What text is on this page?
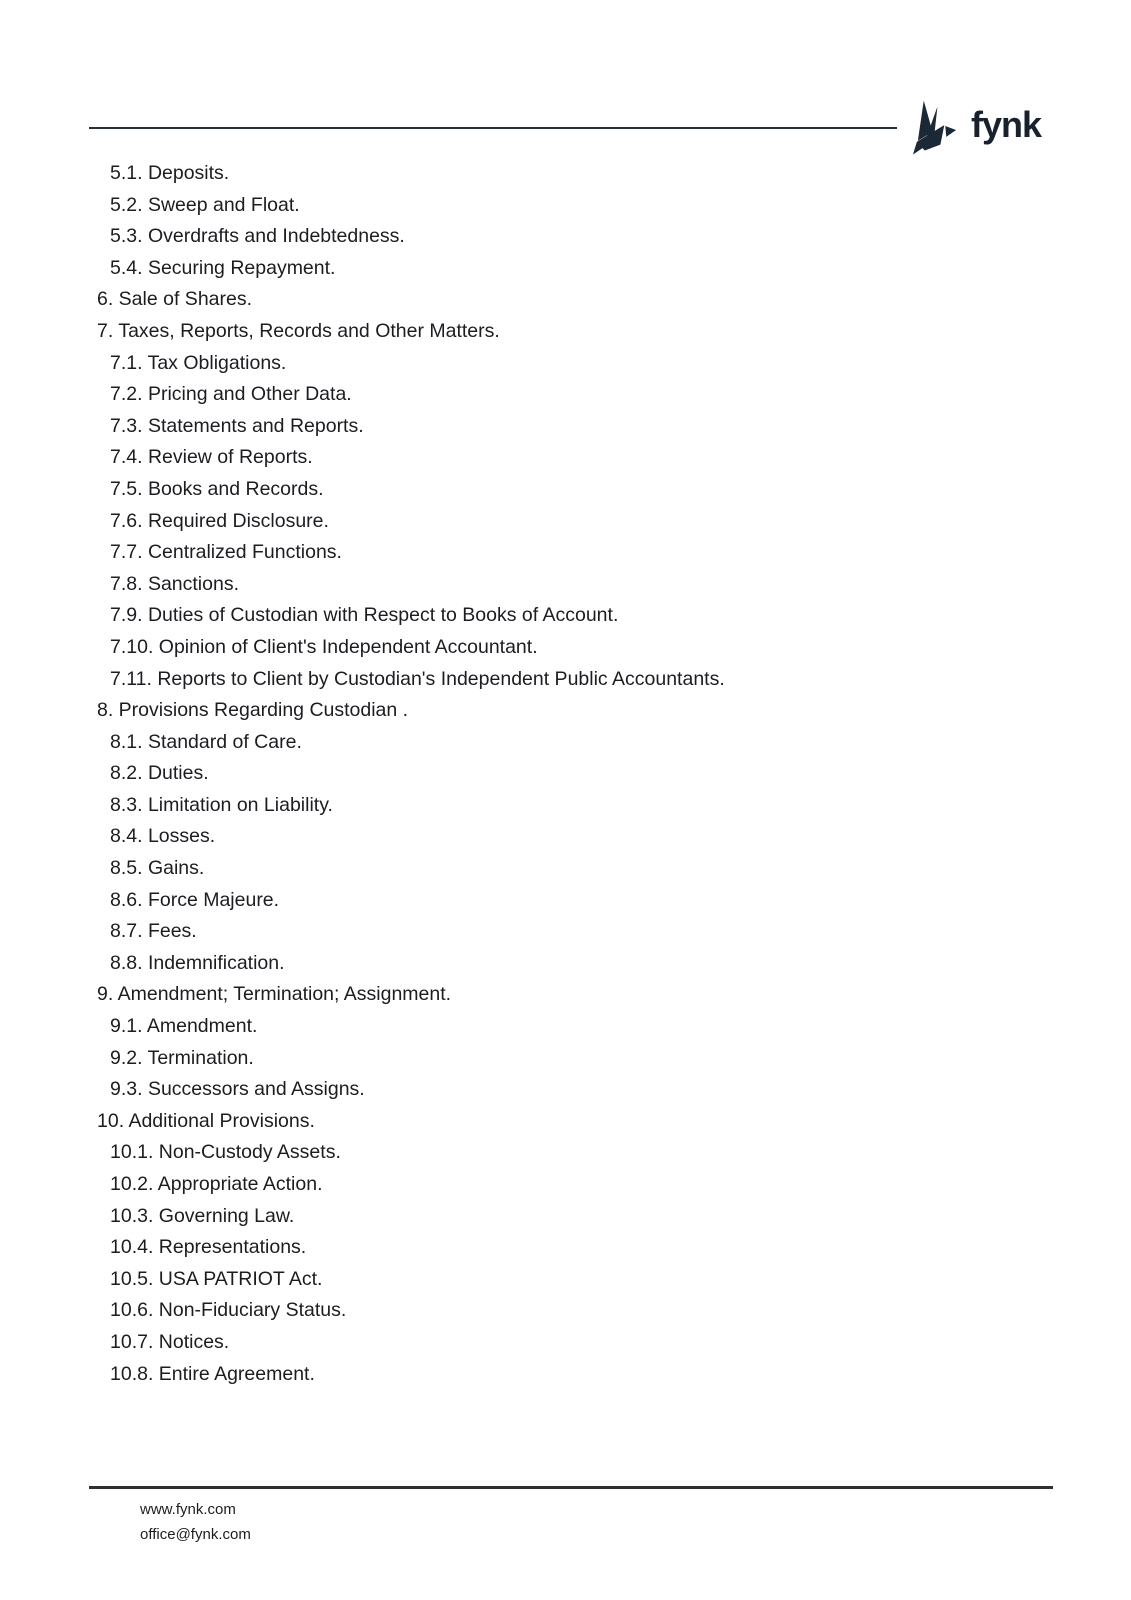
fynk
5.1. Deposits.
5.2. Sweep and Float.
5.3. Overdrafts and Indebtedness.
5.4. Securing Repayment.
6. Sale of Shares.
7. Taxes, Reports, Records and Other Matters.
7.1. Tax Obligations.
7.2. Pricing and Other Data.
7.3. Statements and Reports.
7.4. Review of Reports.
7.5. Books and Records.
7.6. Required Disclosure.
7.7. Centralized Functions.
7.8. Sanctions.
7.9. Duties of Custodian with Respect to Books of Account.
7.10. Opinion of Client's Independent Accountant.
7.11. Reports to Client by Custodian's Independent Public Accountants.
8. Provisions Regarding Custodian .
8.1. Standard of Care.
8.2. Duties.
8.3. Limitation on Liability.
8.4. Losses.
8.5. Gains.
8.6. Force Majeure.
8.7. Fees.
8.8. Indemnification.
9. Amendment; Termination; Assignment.
9.1. Amendment.
9.2. Termination.
9.3. Successors and Assigns.
10. Additional Provisions.
10.1. Non-Custody Assets.
10.2. Appropriate Action.
10.3. Governing Law.
10.4. Representations.
10.5. USA PATRIOT Act.
10.6. Non-Fiduciary Status.
10.7. Notices.
10.8. Entire Agreement.
www.fynk.com
office@fynk.com
